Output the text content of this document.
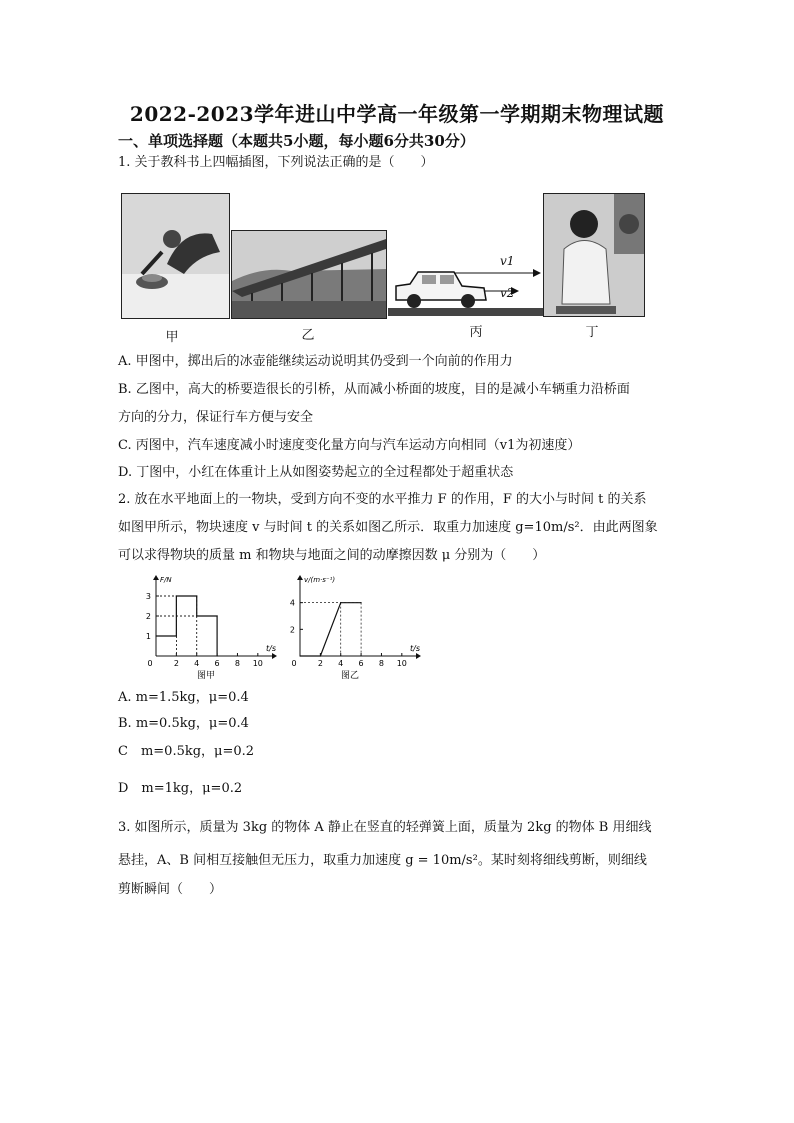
2022-2023学年进山中学高一年级第一学期期末物理试题
一、单项选择题（本题共5小题，每小题6分共30分）
1. 关于教科书上四幅插图，下列说法正确的是（　　）
甲	乙
v1
v2
丙	丁
A. 甲图中，掷出后的冰壶能继续运动说明其仍受到一个向前的作用力
B. 乙图中，高大的桥要造很长的引桥，从而减小桥面的坡度，目的是减小车辆重力沿桥面
方向的分力，保证行车方便与安全
C. 丙图中，汽车速度减小时速度变化量方向与汽车运动方向相同（v1为初速度）
D. 丁图中，小红在体重计上从如图姿势起立的全过程都处于超重状态
2. 放在水平地面上的一物块，受到方向不变的水平推力 F 的作用，F 的大小与时间 t 的关系
如图甲所示，物块速度 v 与时间 t 的关系如图乙所示．取重力加速度 g=10m/s²．由此两图象
可以求得物块的质量 m 和物块与地面之间的动摩擦因数 μ 分别为（　　）
0	2 4 6 8 10
1
2
3
t/s
F/N
图甲
0	2 4 6 8 10
2
4
t/s
v/(m·s⁻¹)
图乙
A. m=1.5kg，μ=0.4
B. m=0.5kg，μ=0.4
C　m=0.5kg，μ=0.2
D　m=1kg，μ=0.2
3. 如图所示，质量为 3kg 的物体 A 静止在竖直的轻弹簧上面，质量为 2kg 的物体 B 用细线
悬挂，A、B 间相互接触但无压力，取重力加速度 g = 10m/s²。某时刻将细线剪断，则细线
剪断瞬间（　　）
